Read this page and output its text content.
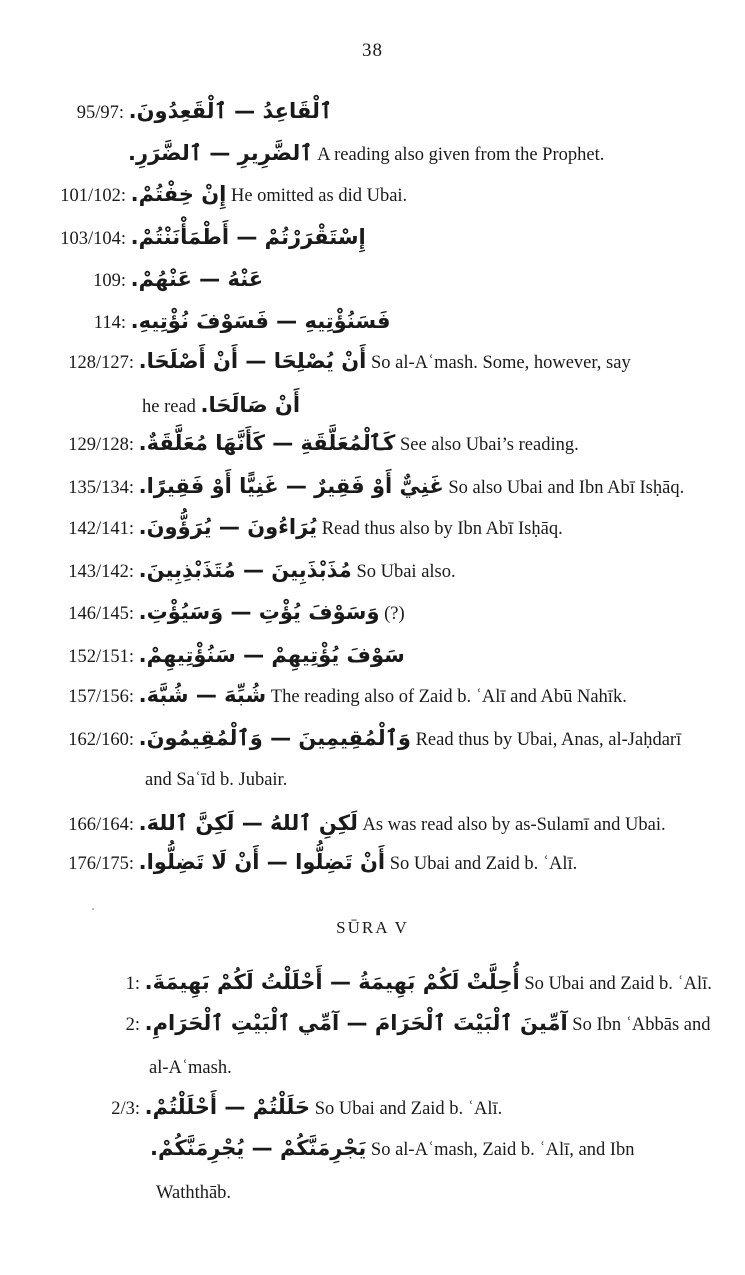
38
95/97: ٱلْقَاعِدُ — ٱلْقَعِدُونَ.
ٱلضَّرِيرِ — ٱلضَّرَرِ. A reading also given from the Prophet.
101/102: إِنْ خِفْتُمْ. He omitted as did Ubai.
103/104: إِسْتَقْرَرْتُمْ — أَطْمَأْنَنْتُمْ.
109: عَنْهُ — عَنْهُمْ.
114: فَسَنُؤْتِيهِ — فَسَوْفَ نُؤْتِيهِ.
128/127: أَنْ يُصْلِحَا — أَنْ أَصْلَحَا. So al-Aʿmash. Some, however, say
he read أَنْ صَالَحَا.
129/128: كَٱلْمُعَلَّقَةِ — كَأَنَّهَا مُعَلَّقَةٌ. See also Ubai’s reading.
135/134: غَنِيٌّ أَوْ فَقِيرٌ — غَنِيًّا أَوْ فَقِيرًا. So also Ubai and Ibn Abī Isḥāq.
142/141: يُرَاءُونَ — يُرَؤُّونَ. Read thus also by Ibn Abī Isḥāq.
143/142: مُذَبْذَبِينَ — مُتَذَبْذِبِينَ. So Ubai also.
146/145: وَسَوْفَ يُؤْتِ — وَسَيُؤْتِ. (?)
152/151: سَوْفَ يُؤْتِيهِمْ — سَنُؤْتِيهِمْ.
157/156: شُبِّهَ — شُبَّهَ. The reading also of Zaid b. ʿAlī and Abū Nahīk.
162/160: وَٱلْمُقِيمِينَ — وَٱلْمُقِيمُونَ. Read thus by Ubai, Anas, al-Jaḥdarī
and Saʿīd b. Jubair.
166/164: لَكِنِ ٱللهُ — لَكِنَّ ٱللهَ. As was read also by as-Sulamī and Ubai.
176/175: أَنْ تَضِلُّوا — أَنْ لَا تَضِلُّوا. So Ubai and Zaid b. ʿAlī.
SŪRA V
1: أُحِلَّتْ لَكُمْ بَهِيمَةُ — أَحْلَلْتُ لَكُمْ بَهِيمَةَ. So Ubai and Zaid b. ʿAlī.
2: آمِّينَ ٱلْبَيْتَ ٱلْحَرَامَ — آمِّي ٱلْبَيْتِ ٱلْحَرَامِ. So Ibn ʿAbbās and
al-Aʿmash.
2/3: حَلَلْتُمْ — أَحْلَلْتُمْ. So Ubai and Zaid b. ʿAlī.
يَجْرِمَنَّكُمْ — يُجْرِمَنَّكُمْ. So al-Aʿmash, Zaid b. ʿAlī, and Ibn
Waththāb.
